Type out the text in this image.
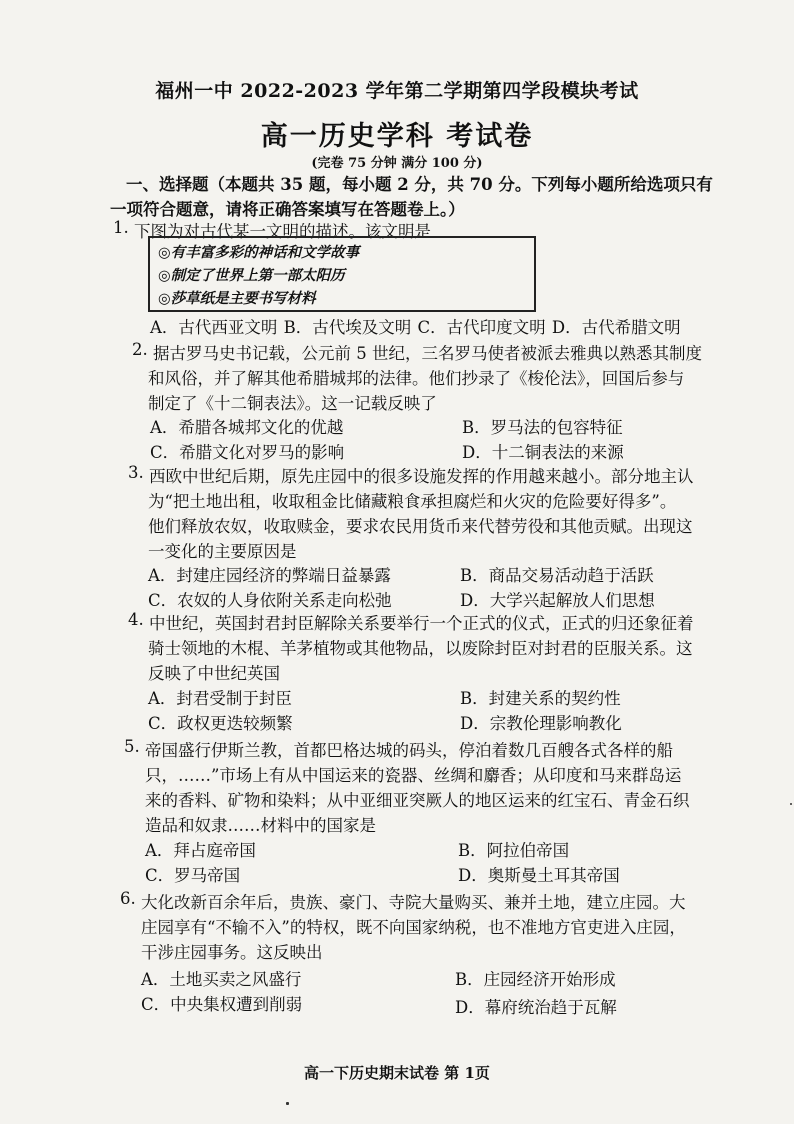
福州一中 2022-2023 学年第二学期第四学段模块考试
高一历史学科 考试卷
(完卷 75 分钟 满分 100 分)
一、选择题（本题共 35 题，每小题 2 分，共 70 分。下列每小题所给选项只有
一项符合题意，请将正确答案填写在答题卷上。）
1. 下图为对古代某一文明的描述。该文明是
◎有丰富多彩的神话和文学故事
◎制定了世界上第一部太阳历
◎莎草纸是主要书写材料
A．古代西亚文明 B．古代埃及文明 C．古代印度文明 D．古代希腊文明
2. 据古罗马史书记载，公元前 5 世纪，三名罗马使者被派去雅典以熟悉其制度
和风俗，并了解其他希腊城邦的法律。他们抄录了《梭伦法》，回国后参与
制定了《十二铜表法》。这一记载反映了
A．希腊各城邦文化的优越	B．罗马法的包容特征
C．希腊文化对罗马的影响	D．十二铜表法的来源
3. 西欧中世纪后期，原先庄园中的很多设施发挥的作用越来越小。部分地主认
为“把土地出租，收取租金比储藏粮食承担腐烂和火灾的危险要好得多”。
他们释放农奴，收取赎金，要求农民用货币来代替劳役和其他贡赋。出现这
一变化的主要原因是
A．封建庄园经济的弊端日益暴露	B．商品交易活动趋于活跃
C．农奴的人身依附关系走向松弛	D．大学兴起解放人们思想
4. 中世纪，英国封君封臣解除关系要举行一个正式的仪式，正式的归还象征着
骑士领地的木棍、羊茅植物或其他物品，以废除封臣对封君的臣服关系。这
反映了中世纪英国
A．封君受制于封臣	B．封建关系的契约性
C．政权更迭较频繁	D．宗教伦理影响教化
5. 帝国盛行伊斯兰教，首都巴格达城的码头，停泊着数几百艘各式各样的船
只，……”市场上有从中国运来的瓷器、丝绸和麝香；从印度和马来群岛运
来的香料、矿物和染料；从中亚细亚突厥人的地区运来的红宝石、青金石织
造品和奴隶……材料中的国家是
A．拜占庭帝国	B．阿拉伯帝国
C．罗马帝国	D．奥斯曼土耳其帝国
6. 大化改新百余年后，贵族、豪门、寺院大量购买、兼并土地，建立庄园。大
庄园享有“不输不入”的特权，既不向国家纳税，也不准地方官吏进入庄园，
干涉庄园事务。这反映出
A．土地买卖之风盛行	B．庄园经济开始形成
C．中央集权遭到削弱	D．幕府统治趋于瓦解
高一下历史期末试卷 第 1页
